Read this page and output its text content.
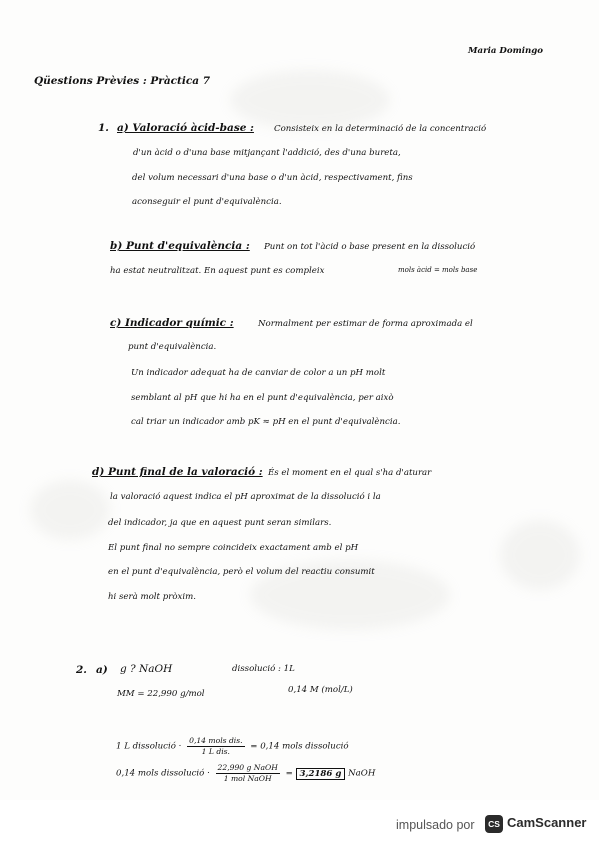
Maria Domingo
Qüestions Prèvies : Pràctica 7
1. a) Valoració àcid-base : Consisteix en la determinació de la concentració
d'un àcid o d'una base mitjançant l'addició, des d'una bureta,
del volum necessari d'una base o d'un àcid, respectivament, fins
aconseguir el punt d'equivalència.
b) Punt d'equivalència : Punt on tot l'àcid o base present en la dissolució
ha estat neutralitzat. En aquest punt es compleix	mols àcid = mols base
c) Indicador químic :	Normalment per estimar de forma aproximada el
punt d'equivalència.
Un indicador adequat ha de canviar de color a un pH molt
semblant al pH que hi ha en el punt d'equivalència, per això
cal triar un indicador amb pK ≈ pH en el punt d'equivalència.
d) Punt final de la valoració : És el moment en el qual s'ha d'aturar
la valoració aquest indica el pH aproximat de la dissolució i la
del indicador, ja que en aquest punt seran similars.
El punt final no sempre coincideix exactament amb el pH
en el punt d'equivalència, però el volum del reactiu consumit
hi serà molt pròxim.
2. a) g ? NaOH	dissolució : 1L
MM = 22,990 g/mol	0,14 M (mol/L)
1 L dissolució · $\frac{\text{0,14 mols dis.}}{\text{1 L dis.}} = 0,14$ mols dissolució
0,14 mols dissolució · $\frac{\text{22,990 g NaOH}}{\text{1 mol NaOH}} = 3,2186$ g NaOH
impulsado por	CS CamScanner
